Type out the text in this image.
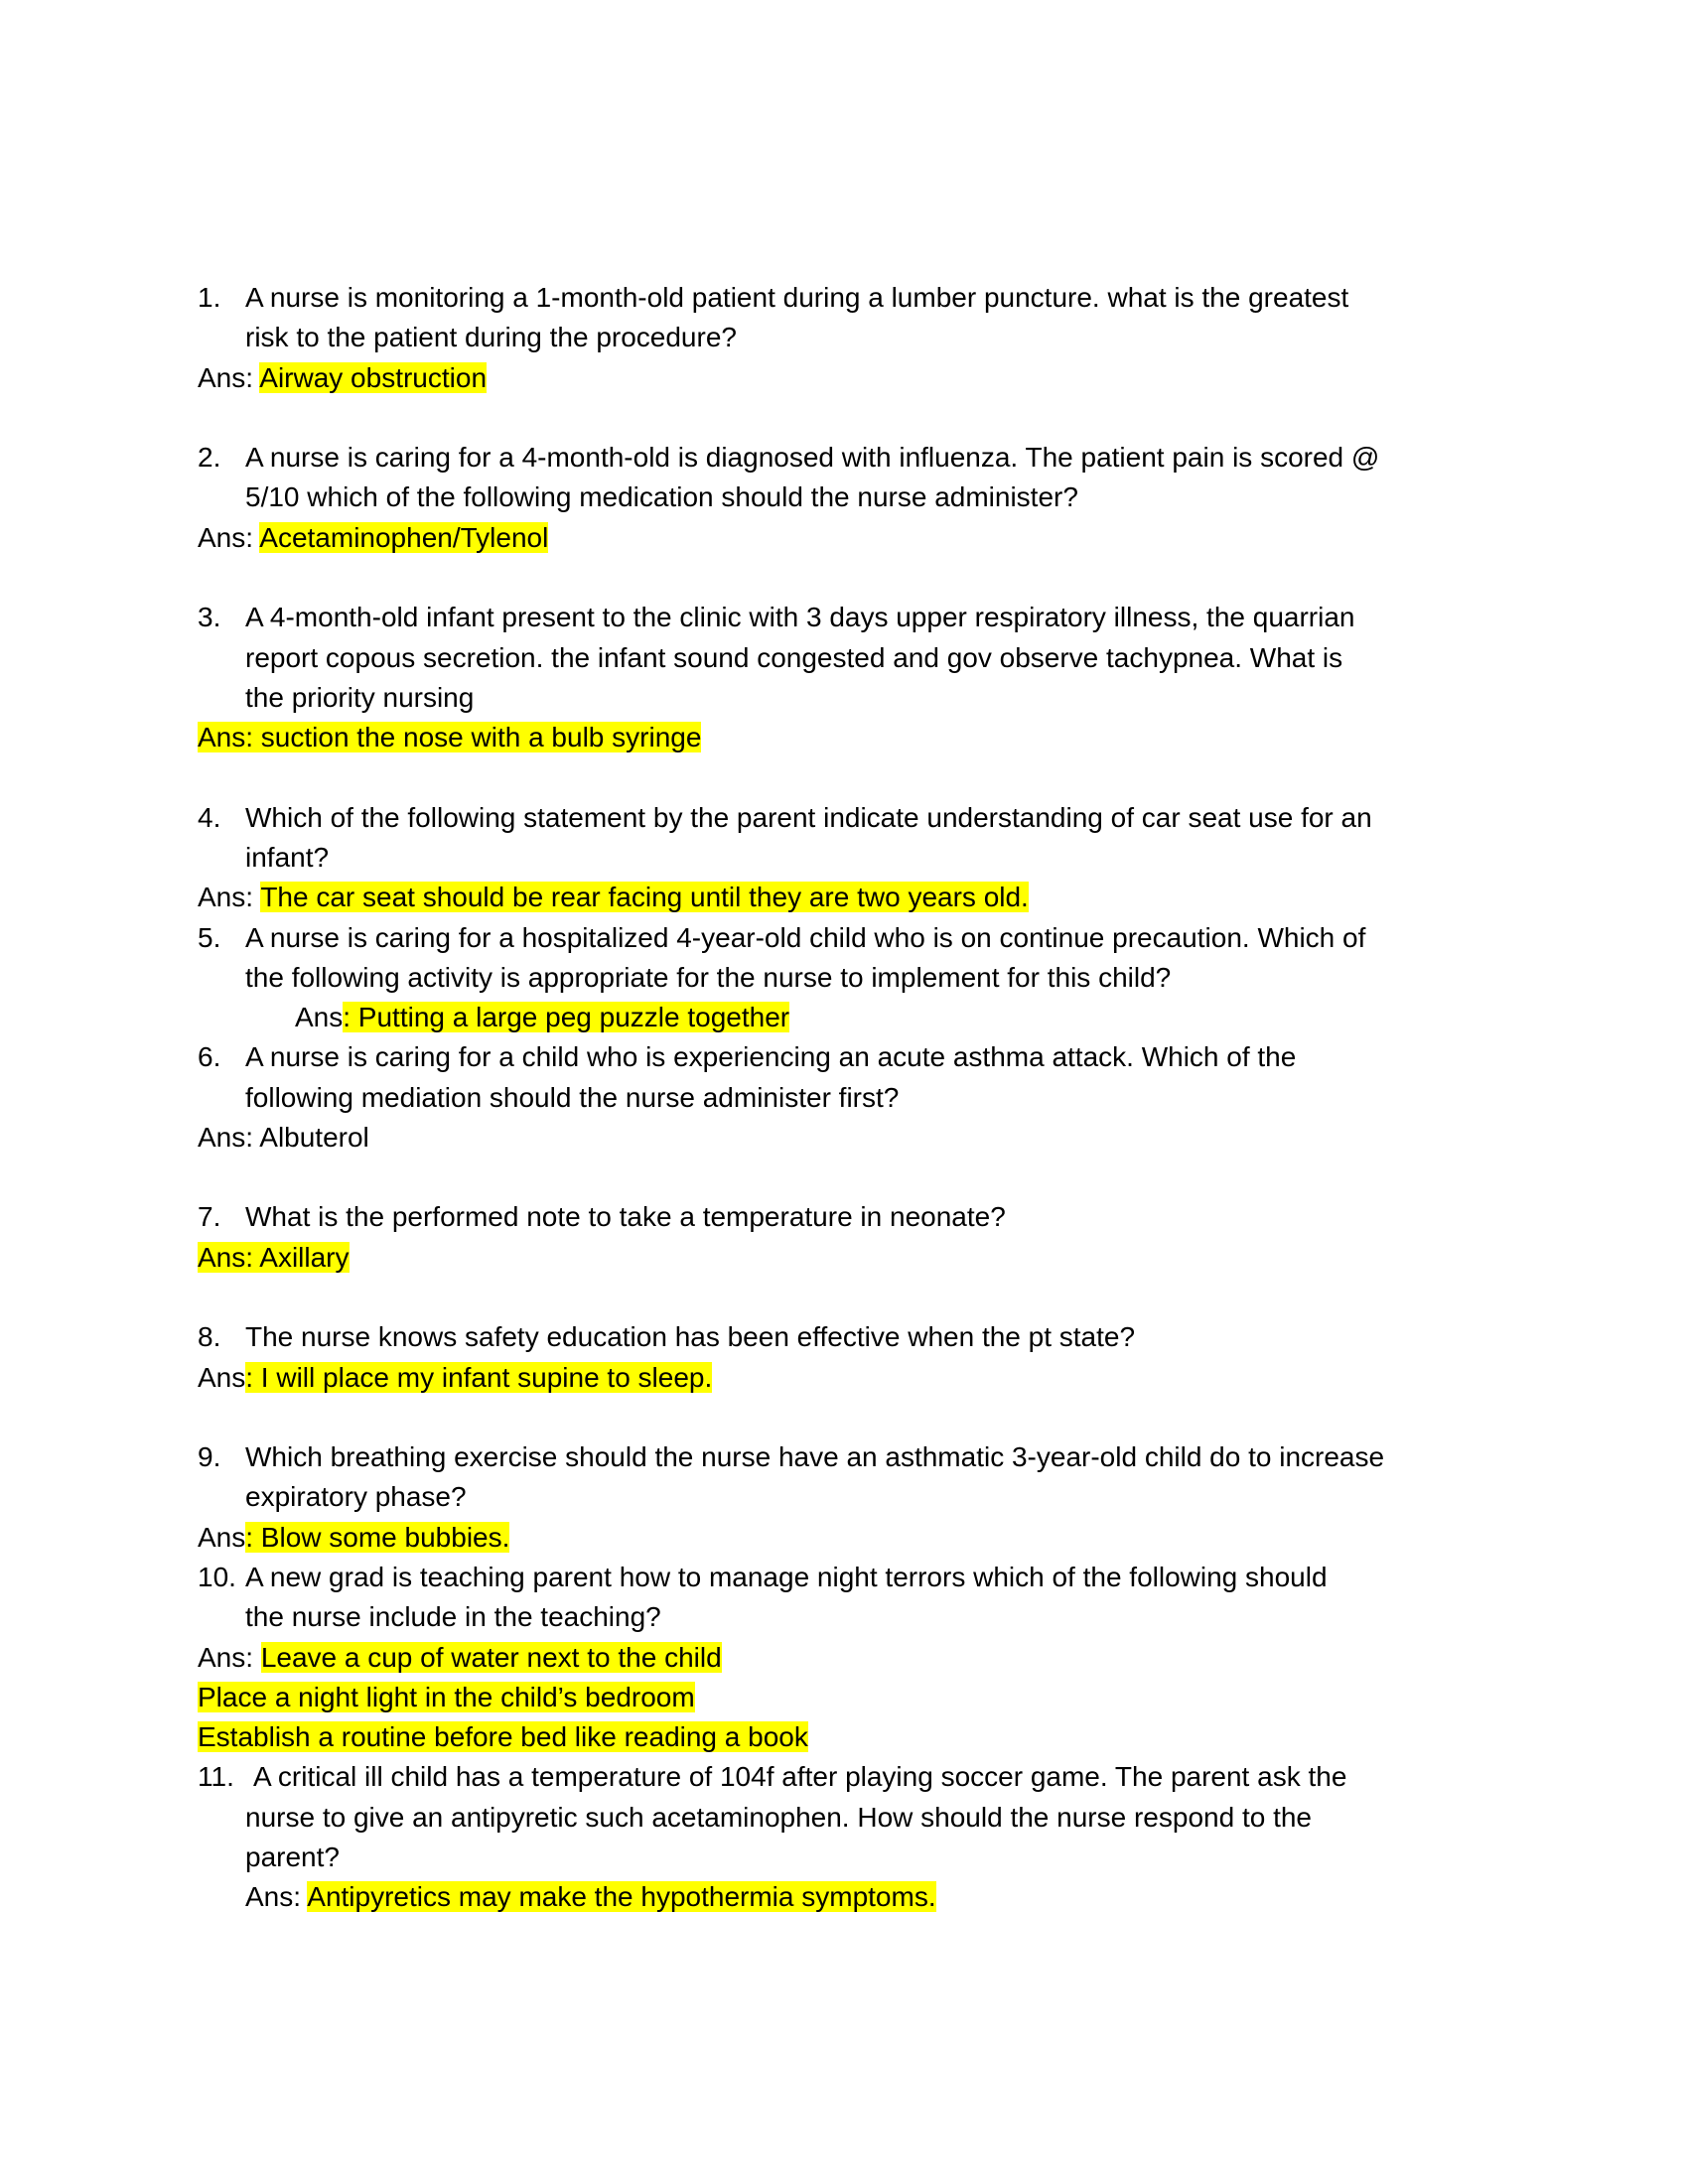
1. A nurse is monitoring a 1-month-old patient during a lumber puncture. what is the greatest
risk to the patient during the procedure?
Ans: Airway obstruction
2. A nurse is caring for a 4-month-old is diagnosed with influenza. The patient pain is scored @
5/10 which of the following medication should the nurse administer?
Ans: Acetaminophen/Tylenol
3. A 4-month-old infant present to the clinic with 3 days upper respiratory illness, the quarrian
report copous secretion. the infant sound congested and gov observe tachypnea. What is
the priority nursing
Ans: suction the nose with a bulb syringe
4. Which of the following statement by the parent indicate understanding of car seat use for an
infant?
Ans: The car seat should be rear facing until they are two years old.
5. A nurse is caring for a hospitalized 4-year-old child who is on continue precaution. Which of
the following activity is appropriate for the nurse to implement for this child?
Ans: Putting a large peg puzzle together
6. A nurse is caring for a child who is experiencing an acute asthma attack. Which of the
following mediation should the nurse administer first?
Ans: Albuterol
7. What is the performed note to take a temperature in neonate?
Ans: Axillary
8. The nurse knows safety education has been effective when the pt state?
Ans: I will place my infant supine to sleep.
9. Which breathing exercise should the nurse have an asthmatic 3-year-old child do to increase
expiratory phase?
Ans: Blow some bubbies.
10. A new grad is teaching parent how to manage night terrors which of the following should
the nurse include in the teaching?
Ans: Leave a cup of water next to the child
Place a night light in the child’s bedroom
Establish a routine before bed like reading a book
11. A critical ill child has a temperature of 104f after playing soccer game. The parent ask the
nurse to give an antipyretic such acetaminophen. How should the nurse respond to the
parent?
Ans: Antipyretics may make the hypothermia symptoms.
